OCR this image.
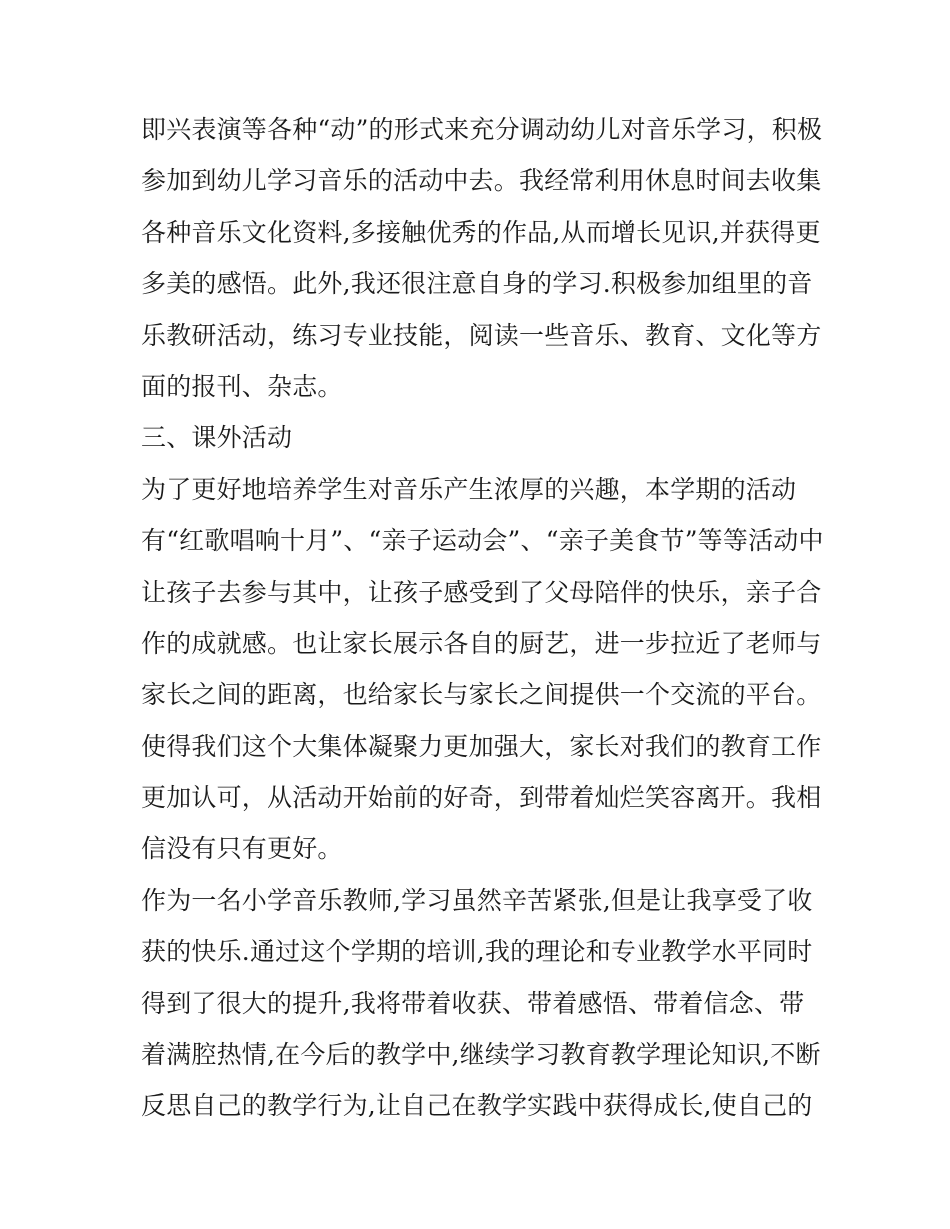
即兴表演等各种“动”的形式来充分调动幼儿对音乐学习，积极
参加到幼儿学习音乐的活动中去。我经常利用休息时间去收集
各种音乐文化资料,多接触优秀的作品,从而增长见识,并获得更
多美的感悟。此外,我还很注意自身的学习.积极参加组里的音
乐教研活动，练习专业技能，阅读一些音乐、教育、文化等方
面的报刊、杂志。
三、课外活动
为了更好地培养学生对音乐产生浓厚的兴趣，本学期的活动
有“红歌唱响十月”、“亲子运动会”、“亲子美食节”等等活动中
让孩子去参与其中，让孩子感受到了父母陪伴的快乐，亲子合
作的成就感。也让家长展示各自的厨艺，进一步拉近了老师与
家长之间的距离，也给家长与家长之间提供一个交流的平台。
使得我们这个大集体凝聚力更加强大，家长对我们的教育工作
更加认可，从活动开始前的好奇，到带着灿烂笑容离开。我相
信没有只有更好。
作为一名小学音乐教师,学习虽然辛苦紧张,但是让我享受了收
获的快乐.通过这个学期的培训,我的理论和专业教学水平同时
得到了很大的提升,我将带着收获、带着感悟、带着信念、带
着满腔热情,在今后的教学中,继续学习教育教学理论知识,不断
反思自己的教学行为,让自己在教学实践中获得成长,使自己的
